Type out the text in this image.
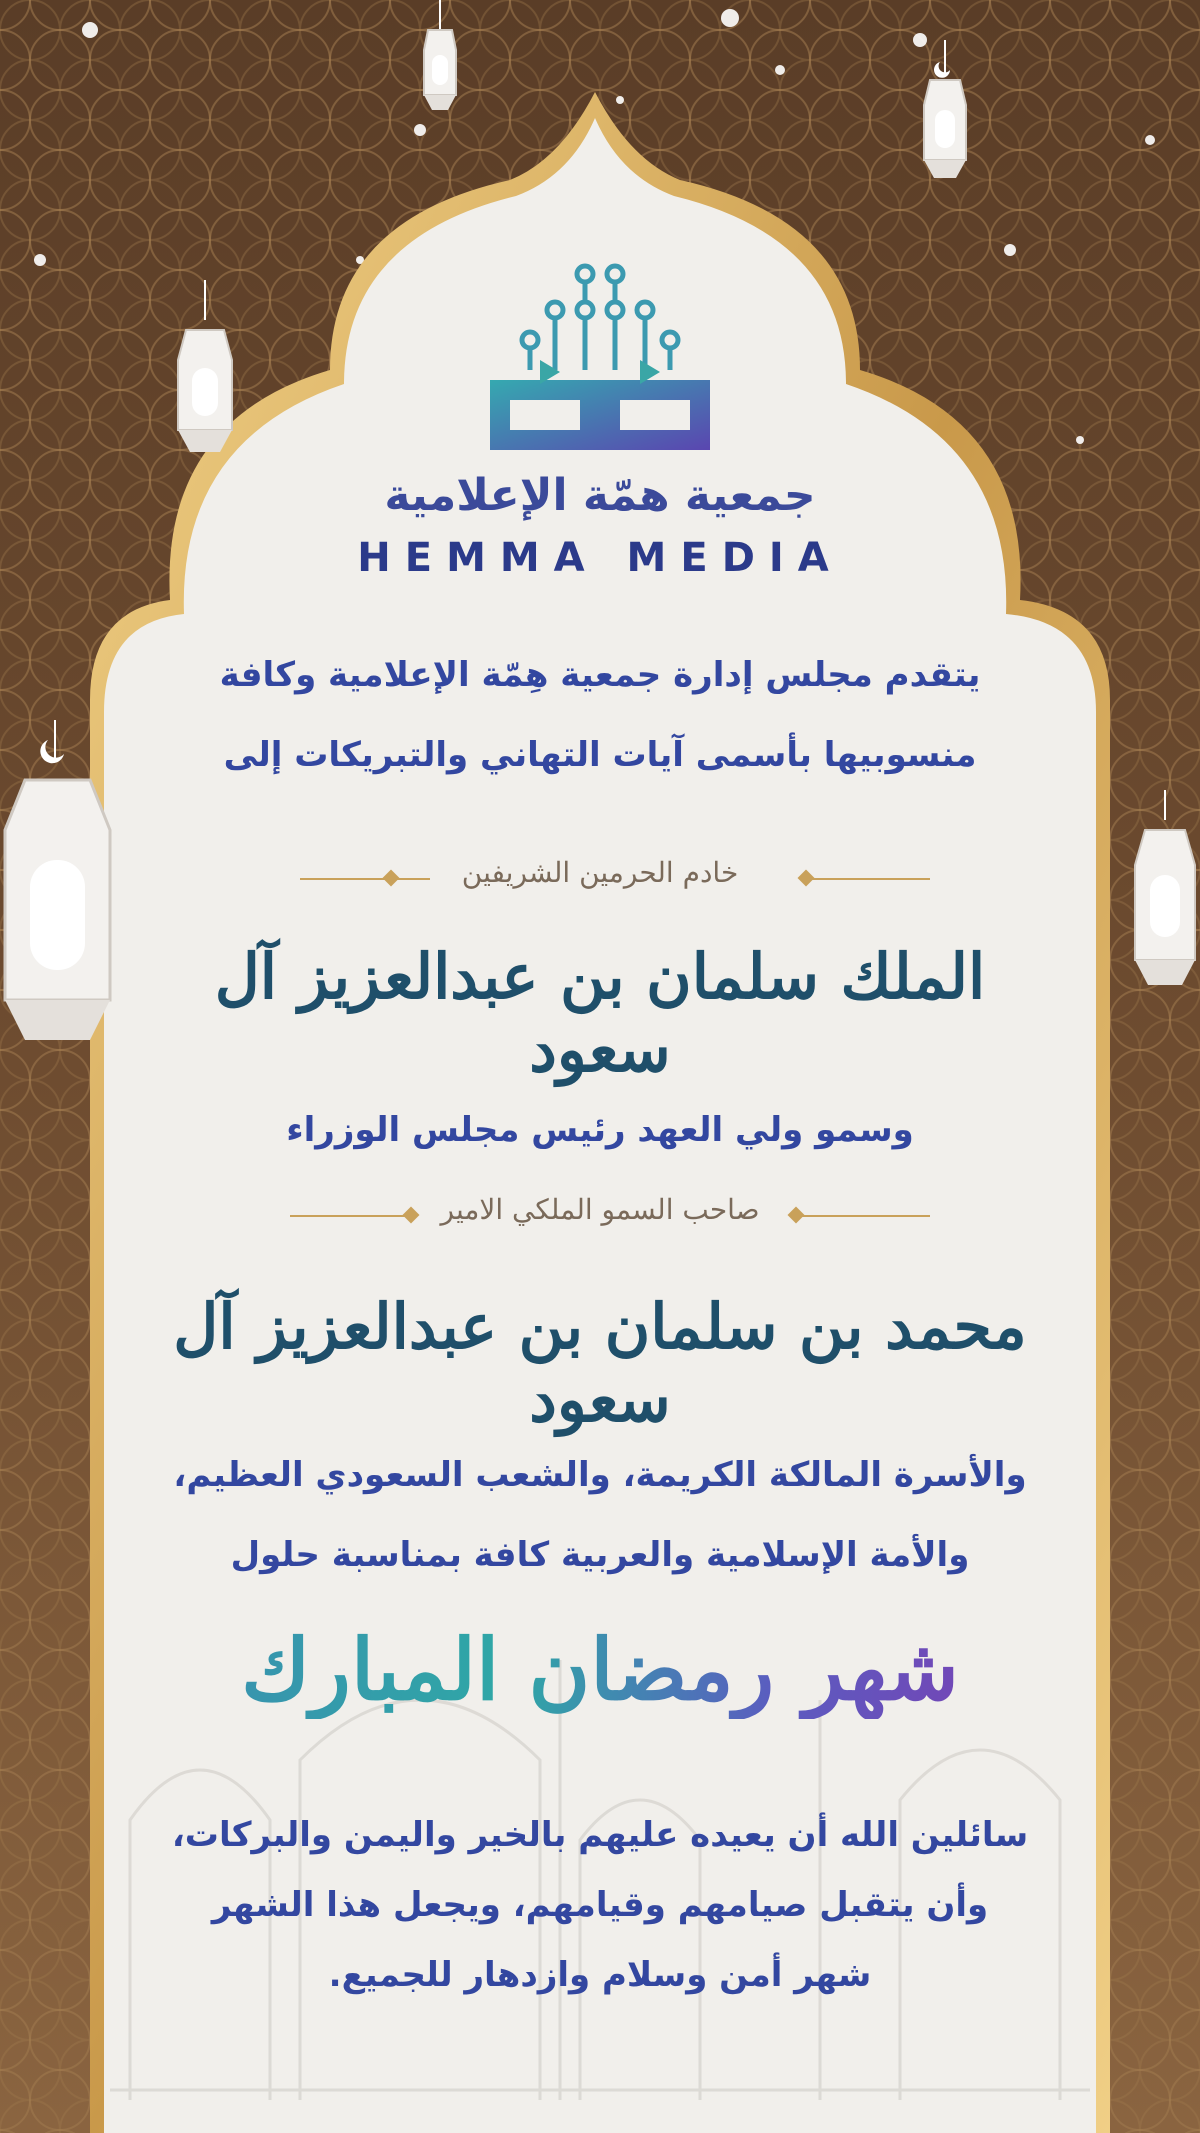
جمعية همّة الإعلامية
HEMMA MEDIA
يتقدم مجلس إدارة جمعية هِمّة الإعلامية وكافة
منسوبيها بأسمى آيات التهاني والتبريكات إلى
خادم الحرمين الشريفين
الملك سلمان بن عبدالعزيز آل سعود
وسمو ولي العهد رئيس مجلس الوزراء
صاحب السمو الملكي الامير
محمد بن سلمان بن عبدالعزيز آل سعود
والأسرة المالكة الكريمة، والشعب السعودي العظيم،
والأمة الإسلامية والعربية كافة بمناسبة حلول
شهر رمضان المبارك
سائلين الله أن يعيده عليهم بالخير واليمن والبركات،
وأن يتقبل صيامهم وقيامهم، ويجعل هذا الشهر
شهر أمن وسلام وازدهار للجميع.
